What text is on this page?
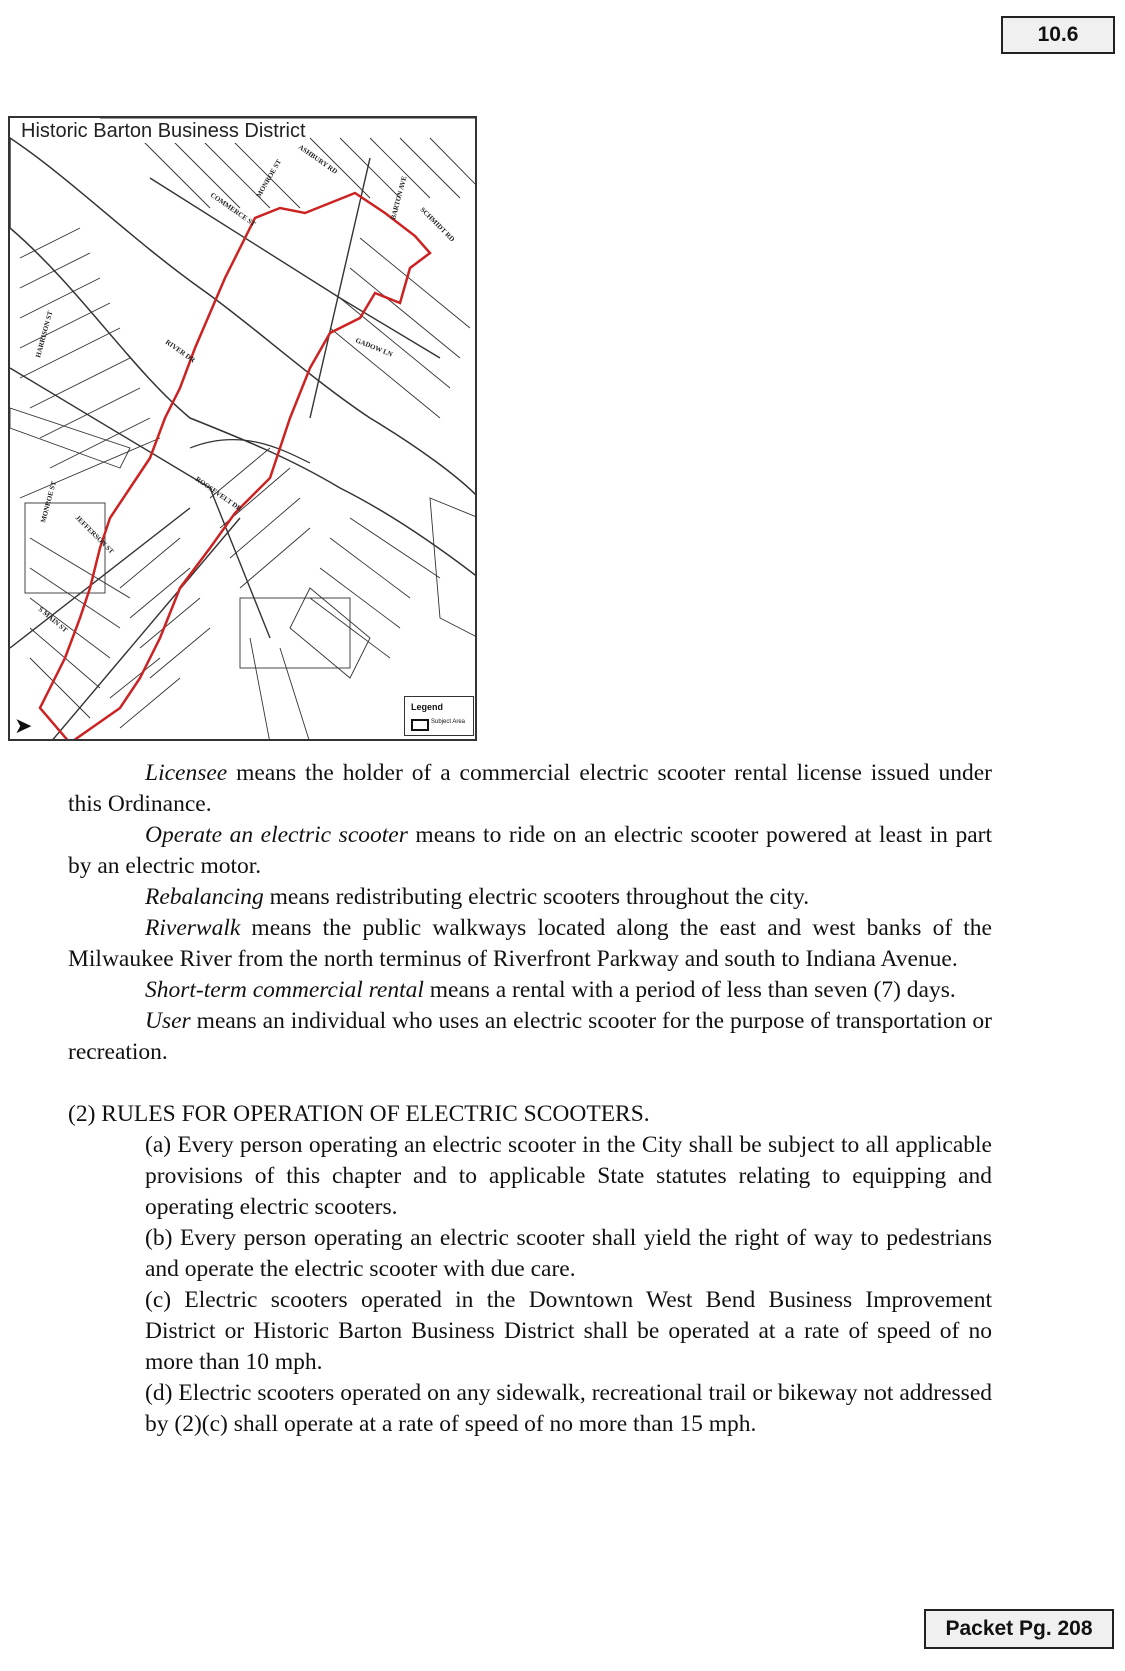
10.6
ASHBURY RD
MONROE ST
COMMERCE ST	BARTON AVE
SCHMIDT RD
GADOW LN
RIVER DR
ROOSEVELT DR
HARRISON ST
MONROE ST
JEFFERSON ST
S MAIN ST
Historic Barton Business District
Legend
Subject Area
➤

Licensee means the holder of a commercial electric scooter rental license issued under this Ordinance.

Operate an electric scooter means to ride on an electric scooter powered at least in part by an electric motor.

Rebalancing means redistributing electric scooters throughout the city.

Riverwalk means the public walkways located along the east and west banks of the Milwaukee River from the north terminus of Riverfront Parkway and south to Indiana Avenue.

Short-term commercial rental means a rental with a period of less than seven (7) days.

User means an individual who uses an electric scooter for the purpose of transportation or recreation.

(2) RULES FOR OPERATION OF ELECTRIC SCOOTERS.

(a) Every person operating an electric scooter in the City shall be subject to all applicable provisions of this chapter and to applicable State statutes relating to equipping and operating electric scooters.

(b) Every person operating an electric scooter shall yield the right of way to pedestrians and operate the electric scooter with due care.

(c) Electric scooters operated in the Downtown West Bend Business Improvement District or Historic Barton Business District shall be operated at a rate of speed of no more than 10 mph.

(d) Electric scooters operated on any sidewalk, recreational trail or bikeway not addressed by (2)(c) shall operate at a rate of speed of no more than 15 mph.

Packet Pg. 208
